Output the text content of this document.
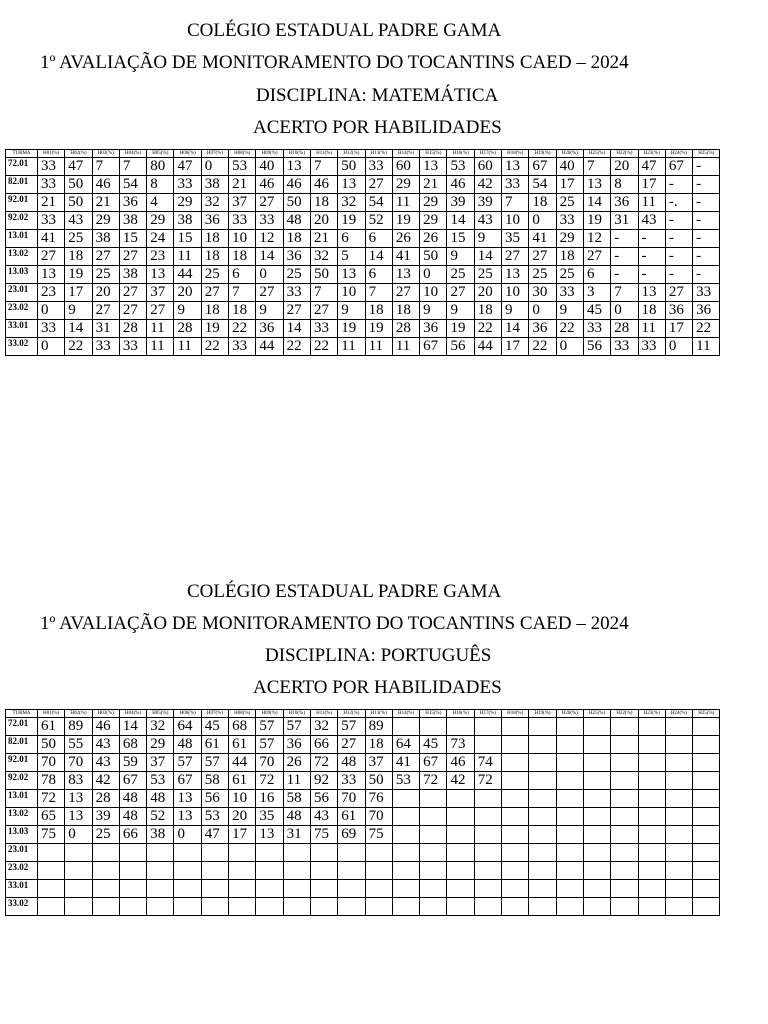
COLÉGIO ESTADUAL PADRE GAMA
1º AVALIAÇÃO DE MONITORAMENTO DO TOCANTINS CAED – 2024
DISCIPLINA: MATEMÁTICA
ACERTO POR HABILIDADES
TURMA	H01(%)	H02(%)	H03(%)	H04(%)	H05(%)	H06(%)	H07(%)	H08(%)	H09(%)	H10(%)	H11(%)	H12(%)	H13(%)	H14(%)	H15(%)	H16(%)	H17(%)	H18(%)	H19(%)	H20(%)	H25(%)	H22(%)	H23(%)	H24(%)	H25(%)
72.01	33	47	7	7	80	47	0	53	40	13	7	50	33	60	13	53	60	13	67	40	7	20	47	67	-
82.01	33	50	46	54	8	33	38	21	46	46	46	13	27	29	21	46	42	33	54	17	13	8	17	-	-
92.01	21	50	21	36	4	29	32	37	27	50	18	32	54	11	29	39	39	7	18	25	14	36	11	-.	-
92.02	33	43	29	38	29	38	36	33	33	48	20	19	52	19	29	14	43	10	0	33	19	31	43	-	-
13.01	41	25	38	15	24	15	18	10	12	18	21	6	6	26	26	15	9	35	41	29	12	-	-	-	-
13.02	27	18	27	27	23	11	18	18	14	36	32	5	14	41	50	9	14	27	27	18	27	-	-	-	-
13.03	13	19	25	38	13	44	25	6	0	25	50	13	6	13	0	25	25	13	25	25	6	-	-	-	-
23.01	23	17	20	27	37	20	27	7	27	33	7	10	7	27	10	27	20	10	30	33	3	7	13	27	33
23.02	0	9	27	27	27	9	18	18	9	27	27	9	18	18	9	9	18	9	0	9	45	0	18	36	36
33.01	33	14	31	28	11	28	19	22	36	14	33	19	19	28	36	19	22	14	36	22	33	28	11	17	22
33.02	0	22	33	33	11	11	22	33	44	22	22	11	11	11	67	56	44	17	22	0	56	33	33	0	11
COLÉGIO ESTADUAL PADRE GAMA
1º AVALIAÇÃO DE MONITORAMENTO DO TOCANTINS CAED – 2024
DISCIPLINA: PORTUGUÊS
ACERTO POR HABILIDADES
TURMA	H01(%)	H02(%)	H03(%)	H04(%)	H05(%)	H06(%)	H07(%)	H08(%)	H09(%)	H10(%)	H11(%)	H12(%)	H13(%)	H14(%)	H15(%)	H16(%)	H17(%)	H18(%)	H19(%)	H20(%)	H25(%)	H22(%)	H23(%)	H24(%)	H25(%)
72.01	61	89	46	14	32	64	45	68	57	57	32	57	89												
82.01	50	55	43	68	29	48	61	61	57	36	66	27	18	64	45	73									
92.01	70	70	43	59	37	57	57	44	70	26	72	48	37	41	67	46	74								
92.02	78	83	42	67	53	67	58	61	72	11	92	33	50	53	72	42	72								
13.01	72	13	28	48	48	13	56	10	16	58	56	70	76												
13.02	65	13	39	48	52	13	53	20	35	48	43	61	70												
13.03	75	0	25	66	38	0	47	17	13	31	75	69	75												
23.01																									
23.02																									
33.01																									
33.02																									
